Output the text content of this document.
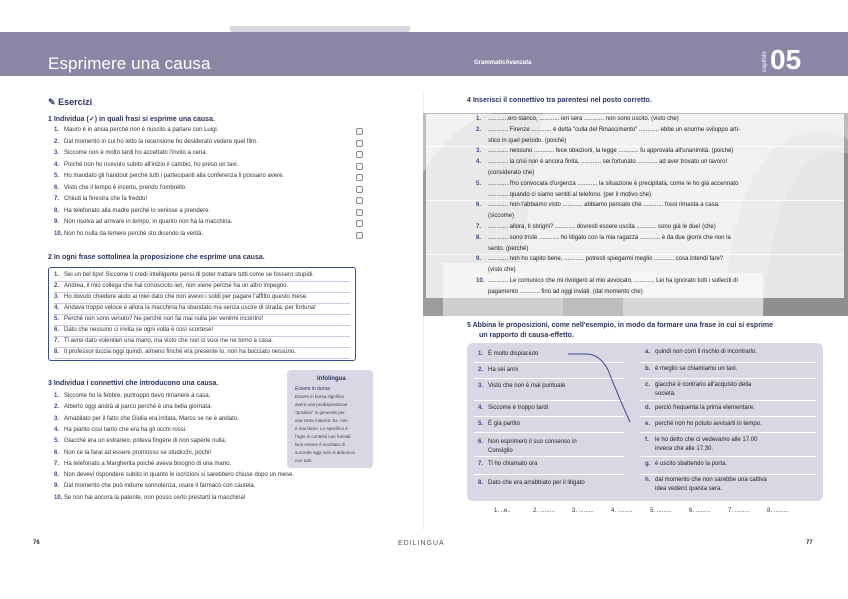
Esprimere una causa	GrammaticAvanzata	capitolo 05
✎ Esercizi
1 Individua (✓) in quali frasi si esprime una causa.
1. Mauro è in ansia perché non è riuscito a parlare con Luigi.
2. Dal momento in cui ho letto la recensione ho desiderato vedere quel film.
3. Siccome non è molto tardi ho accettato l'invito a cena.
4. Poiché non ho ricevuto subito all'inizio il cambio, ho preso un taxi.
5. Ho mandato gli handout perché tutti i partecipanti alla conferenza li possano avere.
6. Visto che il tempo è incerto, prendo l'ombrello.
7. Chiudi la finestra che fa freddo!
8. Ha telefonato alla madre perché lo venisse a prendere.
9. Non risolva ad arrivare in tempo, in quanto non ha la macchina.
10. Non ho nulla da temere perché sto dicendo la verità.
2 In ogni frase sottolinea la proposizione che esprime una causa.
1. Sei un bel tipo! Siccome ti credi intelligente pensi di poter trattare tutti come se fossero stupidi.
2. Andrea, il mio collega che hai conosciuto ieri, non viene perché ha un altro impegno.
3. Ho dovuto chiedere aiuto ai miei dato che non avevo i soldi per pagare l'affitto questo mese.
4. Andava troppo veloce e allora la macchina ha sbandato ma senza uscire di strada, per fortuna!
5. Perché non sono venuto? Ne perché non fai mai nulla per venirmi incontro!
6. Dato che nessuno ci invita se ogni volta è così scortese!
7. Ti avrei dato volentieri una mano, ma visto che non ci vuoi me ne torno a casa.
8. Il professor tuccia oggi quindi, almeno finché era presente lo, non ha bocciato nessuno.
3 Individua i connettivi che introducono una causa.
1. Siccome ho la febbre, purtroppo devo rimanere a casa.
2. Alberto oggi andrà al parco perché è una bella giornata.
3. Amabilato per il fatto che Giulia era irritata, Marco se ne è andato.
4. Ha pianto così tanto che era ha gli occhi rossi.
5. Giacché era un estraneo, poteva fingere di non saperle nulla.
6. Non ce la farai ad essere promosso se studicchi, pochi!
7. Ha telefonato a Margherita poiché aveva bisogno di una mano.
8. Non devevi rispondere subito in quanto le iscrizioni si sarebbero chiuse dopo un mese.
9. Dal momento che può indurre sonnolenza, usare il farmaco con cautela.
10. Se non hai ancora la patente, non posso certo prestarti la macchina!
Infolingua
Essere in borsa
Essere in borsa significa
avere una predisposizione
"positiva" in generale per
una certa materia. Es. non
è mai facile. Lo specifico è
l'ogni in contesti non formali.
Non essere è scontato di
succede oggi solo si deboncio
non tutti.
4 Inserisci il connettivo tra parentesi nel posto corretto.
1. ............ero stanco, ............ ieri sera ............ non sono uscito. (visto che)
2. ............ Firenze ............ è detta "culla del Rinascimento" ............ ebbe un enorme sviluppo arti-
stico in quel periodo. (poiché)
3. ............ nessuno ............ fece obiezioni, la legge ............ fu approvata all'unanimità. (poiché)
4. ............ la crisi non è ancora finita, ............ sei fortunato ............ ad aver trovato un lavoro!
(considerato che)
5. ............ l'ho convocata d'urgenza ............ la situazione è precipitata, come le ho già accennato
............ quando ci siamo sentiti al telefono. (per il motivo che)
6. ............ non l'abbiamo visto ............ abbiamo pensato che ............ fossi rimasta a casa.
(siccome)
7. ............ allora, ti sbrighi? ............ dovresti essere uscita ............ sono già le due! (che)
8. ............ sono triste ............ ho litigato con la mia ragazza ............ è da due giorni che non la
sento. (perché)
9. ............ non ho capito bene, ............ potresti spiegarmi meglio ............ cosa intendi fare?
(visto che)
10. ............ Le comunico che mi rivolgerò al mio avvocato, ............ Lei ha ignorato tutti i solleciti di
pagamento ............ fino ad oggi inviati. (dal momento che)
5 Abbina le proposizioni, come nell'esempio, in modo da formare una frase in cui si esprime
un rapporto di causa-effetto.
1. È molto dispiaciuto
2. Ha sei anni
3. Visto che non è mai puntuale
4. Siccome è troppo tardi
5. È già partito
6. Non esprimerò il suo consenso in
Consiglio
7. Ti ho chiamato ora
8. Dato che era arrabbiato per il litigato
a. quindi non corri il rischio di incontrarlo.
b. è meglio se chiamiamo un taxi.
c. giacché è contrario all'acquisto della
società.
d. perciò frequenta la prima elementare.
e. perché non ho potuto avvisarti in tempo.
f. le ho detto che ci vedevamo alle 17.00
invece che alle 17.30.
g. è uscito sbattendo la porta.
h. dal momento che non sarebbe una cattiva
idea vederci questa sera.
1. ..e..	2. .........	3. .........	4. .........	5. .........	6. .........	7. .........	8. .........
76	EDILINGUA	77
